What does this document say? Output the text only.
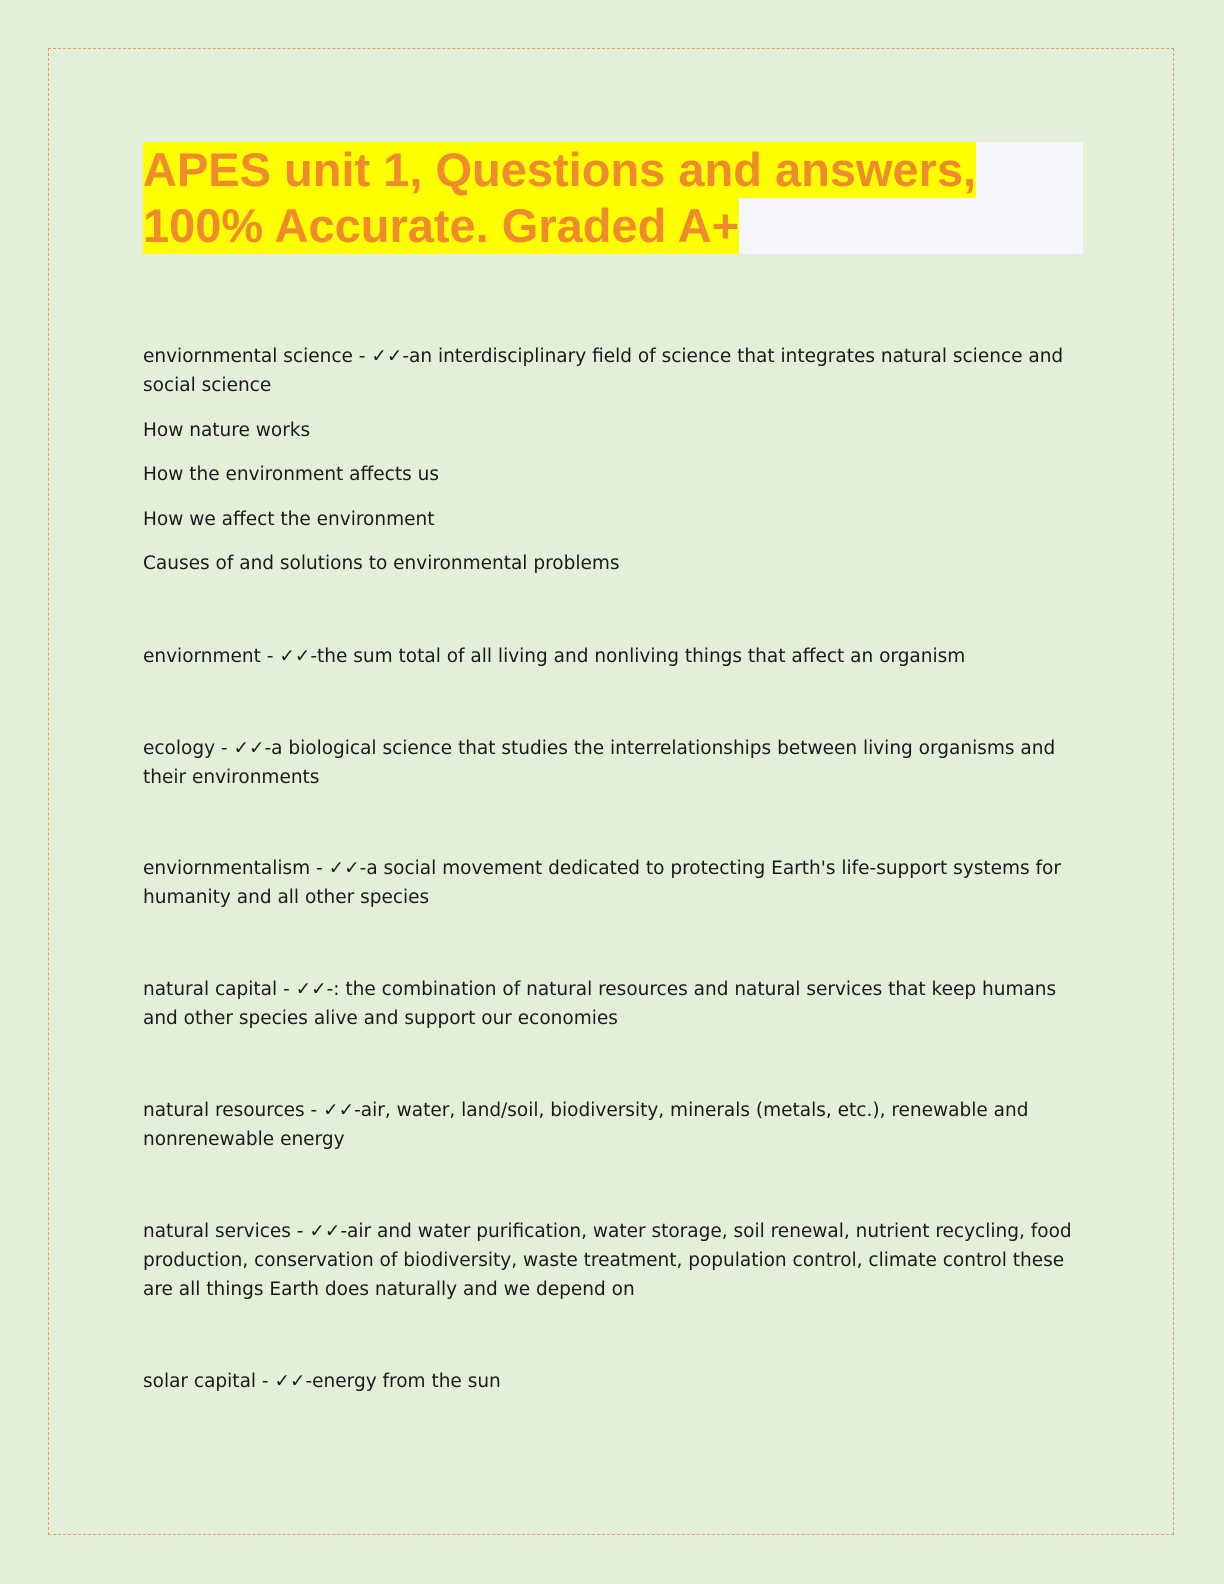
APES unit 1, Questions and answers,
100% Accurate. Graded A+
enviornmental science - ✓✓-an interdisciplinary field of science that integrates natural science and social science
How nature works
How the environment affects us
How we affect the environment
Causes of and solutions to environmental problems
enviornment - ✓✓-the sum total of all living and nonliving things that affect an organism
ecology - ✓✓-a biological science that studies the interrelationships between living organisms and their environments
enviornmentalism - ✓✓-a social movement dedicated to protecting Earth's life-support systems for humanity and all other species
natural capital - ✓✓-: the combination of natural resources and natural services that keep humans and other species alive and support our economies
natural resources - ✓✓-air, water, land/soil, biodiversity, minerals (metals, etc.), renewable and nonrenewable energy
natural services - ✓✓-air and water purification, water storage, soil renewal, nutrient recycling, food production, conservation of biodiversity, waste treatment, population control, climate control these are all things Earth does naturally and we depend on
solar capital - ✓✓-energy from the sun
